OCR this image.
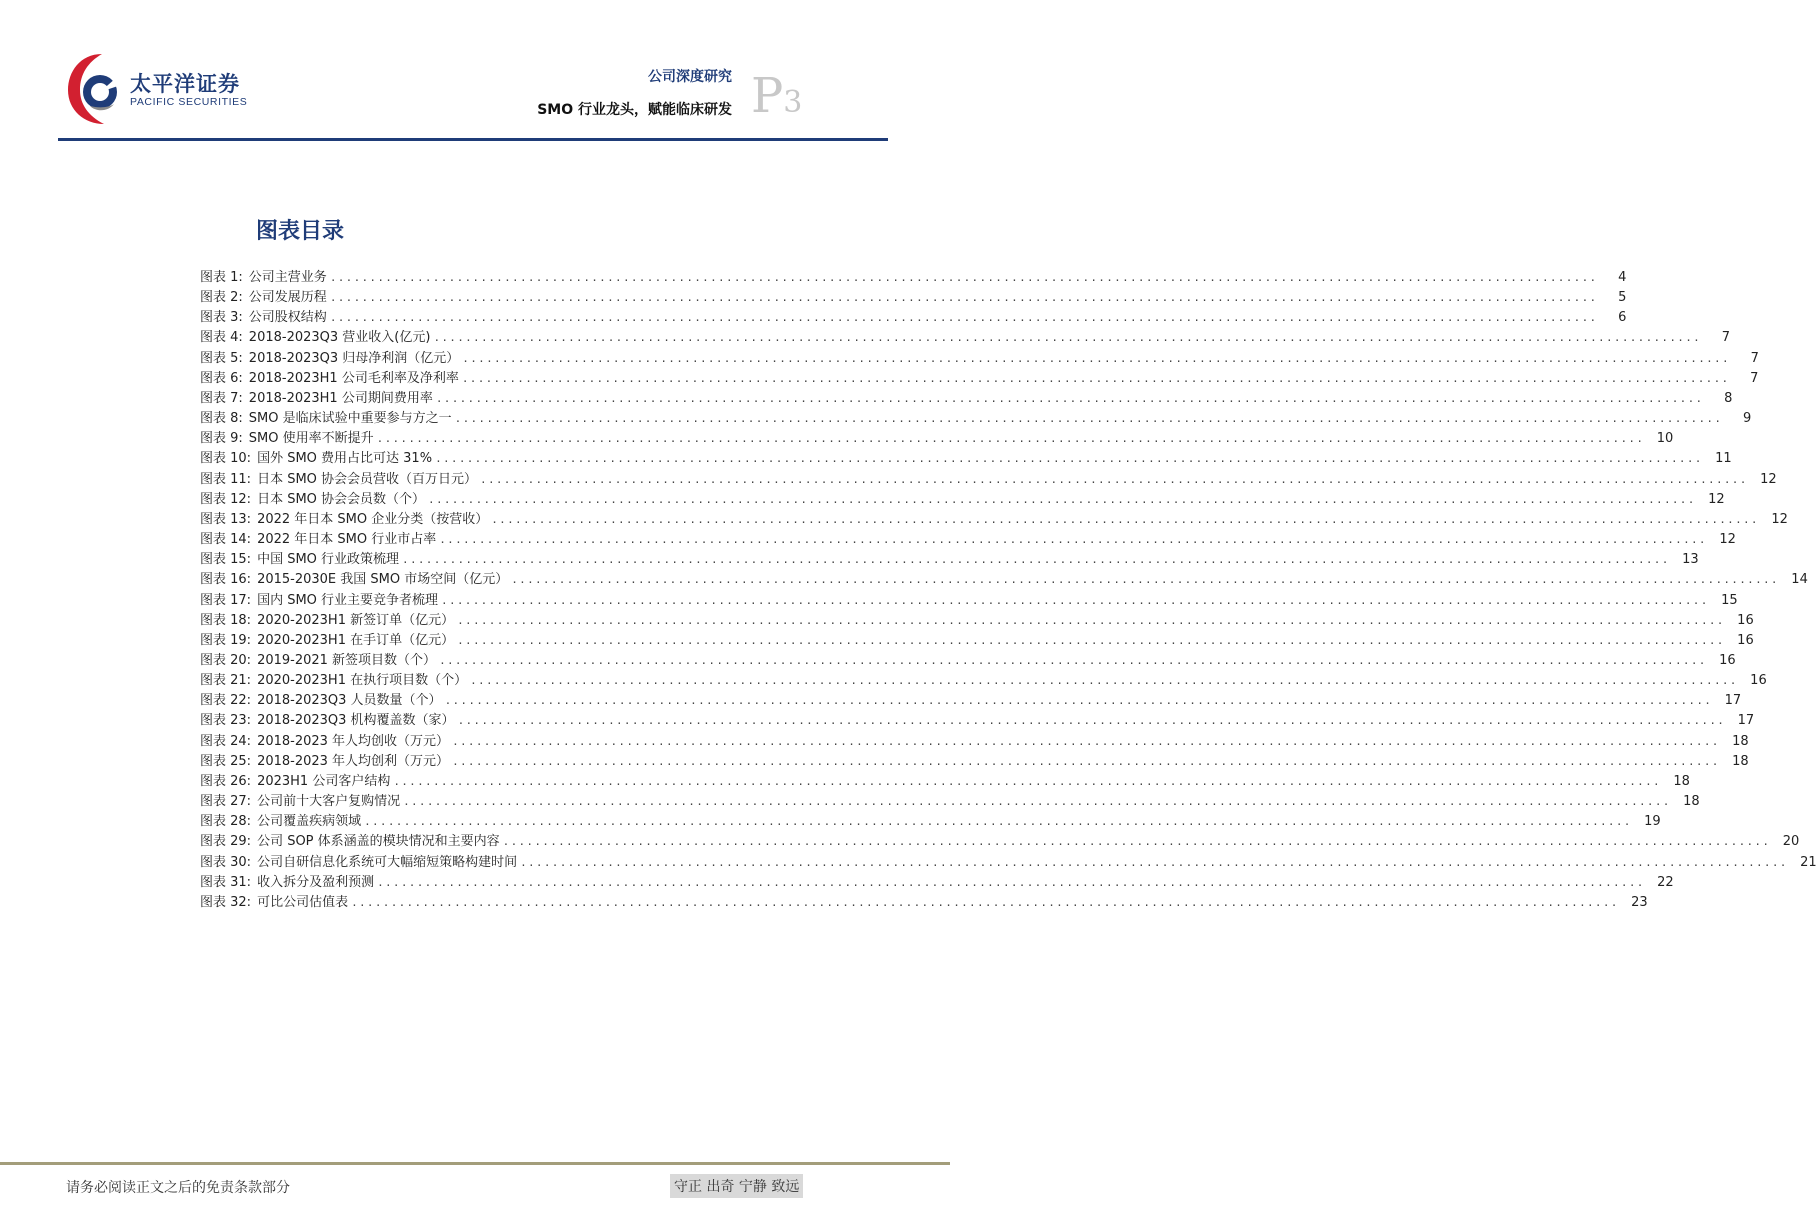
太平洋证券
PACIFIC SECURITIES
公司深度研究
SMO 行业龙头，赋能临床研发 P3
图表目录
图表 1: 公司主营业务 ................................................................................................................................................................	4
图表 2: 公司发展历程 ................................................................................................................................................................	5
图表 3: 公司股权结构 ................................................................................................................................................................	6
图表 4: 2018-2023Q3 营业收入(亿元) ................................................................................................................................................................	7
图表 5: 2018-2023Q3 归母净利润（亿元） ................................................................................................................................................................	7
图表 6: 2018-2023H1 公司毛利率及净利率 ................................................................................................................................................................	7
图表 7: 2018-2023H1 公司期间费用率 ................................................................................................................................................................	8
图表 8: SMO 是临床试验中重要参与方之一 ................................................................................................................................................................	9
图表 9: SMO 使用率不断提升 ................................................................................................................................................................ 10
图表 10: 国外 SMO 费用占比可达 31% ................................................................................................................................................................ 11
图表 11: 日本 SMO 协会会员营收（百万日元） ................................................................................................................................................................ 12
图表 12: 日本 SMO 协会会员数（个） ................................................................................................................................................................ 12
图表 13: 2022 年日本 SMO 企业分类（按营收） ................................................................................................................................................................ 12
图表 14: 2022 年日本 SMO 行业市占率 ................................................................................................................................................................ 12
图表 15: 中国 SMO 行业政策梳理 ................................................................................................................................................................ 13
图表 16: 2015-2030E 我国 SMO 市场空间（亿元） ................................................................................................................................................................ 14
图表 17: 国内 SMO 行业主要竞争者梳理 ................................................................................................................................................................ 15
图表 18: 2020-2023H1 新签订单（亿元） ................................................................................................................................................................ 16
图表 19: 2020-2023H1 在手订单（亿元） ................................................................................................................................................................ 16
图表 20: 2019-2021 新签项目数（个） ................................................................................................................................................................ 16
图表 21: 2020-2023H1 在执行项目数（个） ................................................................................................................................................................ 16
图表 22: 2018-2023Q3 人员数量（个） ................................................................................................................................................................ 17
图表 23: 2018-2023Q3 机构覆盖数（家） ................................................................................................................................................................ 17
图表 24: 2018-2023 年人均创收（万元） ................................................................................................................................................................ 18
图表 25: 2018-2023 年人均创利（万元） ................................................................................................................................................................ 18
图表 26: 2023H1 公司客户结构 ................................................................................................................................................................ 18
图表 27: 公司前十大客户复购情况 ................................................................................................................................................................ 18
图表 28: 公司覆盖疾病领域 ................................................................................................................................................................ 19
图表 29: 公司 SOP 体系涵盖的模块情况和主要内容 ................................................................................................................................................................ 20
图表 30: 公司自研信息化系统可大幅缩短策略构建时间 ................................................................................................................................................................ 21
图表 31: 收入拆分及盈利预测 ................................................................................................................................................................ 22
图表 32: 可比公司估值表 ................................................................................................................................................................ 23
请务必阅读正文之后的免责条款部分	守正 出奇 宁静 致远
